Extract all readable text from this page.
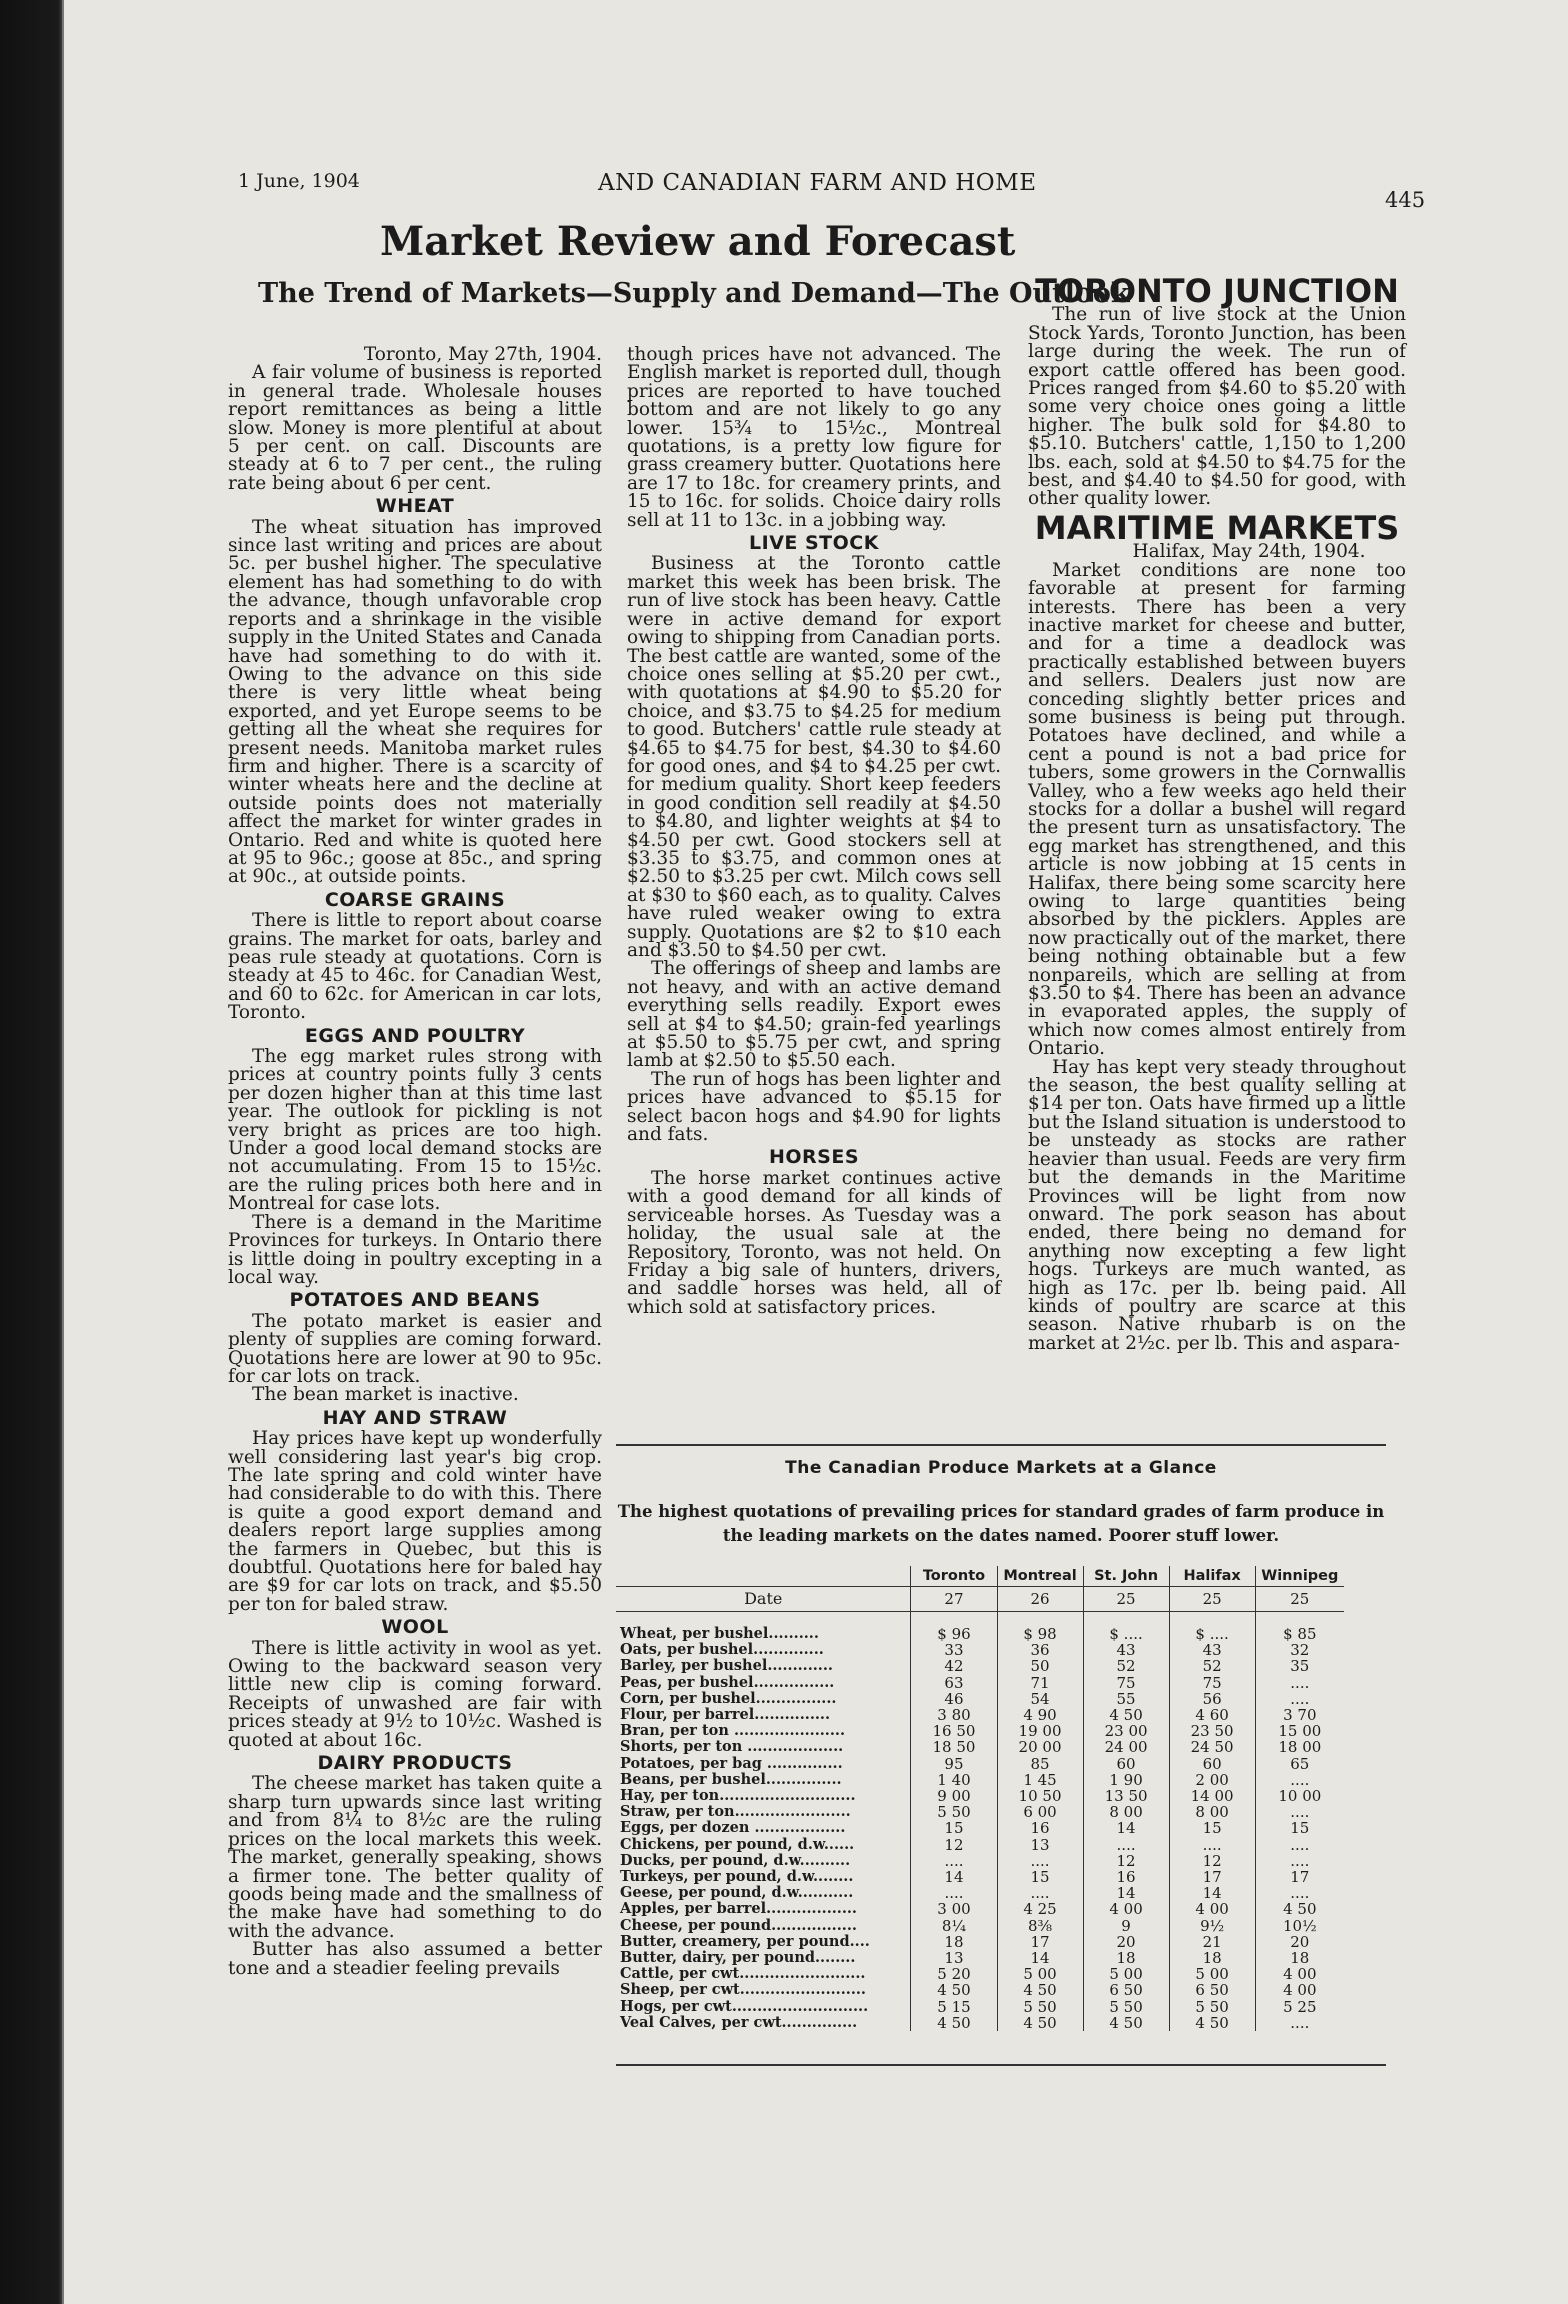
1 June, 1904	AND CANADIAN FARM AND HOME
445
Market Review and Forecast
The Trend of Markets—Supply and Demand—The Outlook

Toronto, May 27th, 1904.

A fair volume of business is reported in general trade. Wholesale houses report remittances as being a little slow. Money is more plentiful at about 5 per cent. on call. Discounts are steady at 6 to 7 per cent., the ruling rate being about 6 per cent.

WHEAT

The wheat situation has improved since last writing and prices are about 5c. per bushel higher. The speculative element has had something to do with the advance, though unfavorable crop reports and a shrinkage in the visible supply in the United States and Canada have had something to do with it. Owing to the advance on this side there is very little wheat being exported, and yet Europe seems to be getting all the wheat she requires for present needs. Manitoba market rules firm and higher. There is a scarcity of winter wheats here and the decline at outside points does not materially affect the market for winter grades in Ontario. Red and white is quoted here at 95 to 96c.; goose at 85c., and spring at 90c., at outside points.

COARSE GRAINS

There is little to report about coarse grains. The market for oats, barley and peas rule steady at quotations. Corn is steady at 45 to 46c. for Canadian West, and 60 to 62c. for American in car lots, Toronto.

EGGS AND POULTRY

The egg market rules strong with prices at country points fully 3 cents per dozen higher than at this time last year. The outlook for pickling is not very bright as prices are too high. Under a good local demand stocks are not accumulating. From 15 to 15½c. are the ruling prices both here and in Montreal for case lots.

There is a demand in the Maritime Provinces for turkeys. In Ontario there is little doing in poultry excepting in a local way.

POTATOES AND BEANS

The potato market is easier and plenty of supplies are coming forward. Quotations here are lower at 90 to 95c. for car lots on track.

The bean market is inactive.

HAY AND STRAW

Hay prices have kept up wonderfully well considering last year's big crop. The late spring and cold winter have had considerable to do with this. There is quite a good export demand and dealers report large supplies among the farmers in Quebec, but this is doubtful. Quotations here for baled hay are $9 for car lots on track, and $5.50 per ton for baled straw.

WOOL

There is little activity in wool as yet. Owing to the backward season very little new clip is coming forward. Receipts of unwashed are fair with prices steady at 9½ to 10½c. Washed is quoted at about 16c.

DAIRY PRODUCTS

The cheese market has taken quite a sharp turn upwards since last writing and from 8¼ to 8½c are the ruling prices on the local markets this week. The market, generally speaking, shows a firmer tone. The better quality of goods being made and the smallness of the make have had something to do with the advance.

Butter has also assumed a better tone and a steadier feeling prevails

though prices have not advanced. The English market is reported dull, though prices are reported to have touched bottom and are not likely to go any lower. 15¾ to 15½c., Montreal quotations, is a pretty low figure for grass creamery butter. Quotations here are 17 to 18c. for creamery prints, and 15 to 16c. for solids. Choice dairy rolls sell at 11 to 13c. in a jobbing way.

LIVE STOCK

Business at the Toronto cattle market this week has been brisk. The run of live stock has been heavy. Cattle were in active demand for export owing to shipping from Canadian ports. The best cattle are wanted, some of the choice ones selling at $5.20 per cwt., with quotations at $4.90 to $5.20 for choice, and $3.75 to $4.25 for medium to good. Butchers' cattle rule steady at $4.65 to $4.75 for best, $4.30 to $4.60 for good ones, and $4 to $4.25 per cwt. for medium quality. Short keep feeders in good condition sell readily at $4.50 to $4.80, and lighter weights at $4 to $4.50 per cwt. Good stockers sell at $3.35 to $3.75, and common ones at $2.50 to $3.25 per cwt. Milch cows sell at $30 to $60 each, as to quality. Calves have ruled weaker owing to extra supply. Quotations are $2 to $10 each and $3.50 to $4.50 per cwt.

The offerings of sheep and lambs are not heavy, and with an active demand everything sells readily. Export ewes sell at $4 to $4.50; grain-fed yearlings at $5.50 to $5.75 per cwt, and spring lamb at $2.50 to $5.50 each.

The run of hogs has been lighter and prices have advanced to $5.15 for select bacon hogs and $4.90 for lights and fats.

HORSES

The horse market continues active with a good demand for all kinds of serviceable horses. As Tuesday was a holiday, the usual sale at the Repository, Toronto, was not held. On Friday a big sale of hunters, drivers, and saddle horses was held, all of which sold at satisfactory prices.

TORONTO JUNCTION

The run of live stock at the Union Stock Yards, Toronto Junction, has been large during the week. The run of export cattle offered has been good. Prices ranged from $4.60 to $5.20 with some very choice ones going a little higher. The bulk sold for $4.80 to $5.10. Butchers' cattle, 1,150 to 1,200 lbs. each, sold at $4.50 to $4.75 for the best, and $4.40 to $4.50 for good, with other quality lower.

MARITIME MARKETS

Halifax, May 24th, 1904.

Market conditions are none too favorable at present for farming interests. There has been a very inactive market for cheese and butter, and for a time a deadlock was practically established between buyers and sellers. Dealers just now are conceding slightly better prices and some business is being put through. Potatoes have declined, and while a cent a pound is not a bad price for tubers, some growers in the Cornwallis Valley, who a few weeks ago held their stocks for a dollar a bushel will regard the present turn as unsatisfactory. The egg market has strengthened, and this article is now jobbing at 15 cents in Halifax, there being some scarcity here owing to large quantities being absorbed by the picklers. Apples are now practically out of the market, there being nothing obtainable but a few nonpareils, which are selling at from $3.50 to $4. There has been an advance in evaporated apples, the supply of which now comes almost entirely from Ontario.

Hay has kept very steady throughout the season, the best quality selling at $14 per ton. Oats have firmed up a little but the Island situation is understood to be unsteady as stocks are rather heavier than usual. Feeds are very firm but the demands in the Maritime Provinces will be light from now onward. The pork season has about ended, there being no demand for anything now excepting a few light hogs. Turkeys are much wanted, as high as 17c. per lb. being paid. All kinds of poultry are scarce at this season. Native rhubarb is on the market at 2½c. per lb. This and aspara-

The Canadian Produce Markets at a Glance
The highest quotations of prevailing prices for standard grades of farm produce in the leading markets on the dates named. Poorer stuff lower.
	Toronto	Montreal	St. John	Halifax	Winnipeg
Date	27	26	25	25	25

Wheat, per bushel..........	$ 96	$ 98	$ ....	$ ....	$ 85
Oats, per bushel..............	33	36	43	43	32
Barley, per bushel.............	42	50	52	52	35
Peas, per bushel................	63	71	75	75	....
Corn, per bushel................	46	54	55	56	....
Flour, per barrel...............	3 80	4 90	4 50	4 60	3 70
Bran, per ton ......................	16 50	19 00	23 00	23 50	15 00
Shorts, per ton ...................	18 50	20 00	24 00	24 50	18 00
Potatoes, per bag ...............	95	85	60	60	65
Beans, per bushel...............	1 40	1 45	1 90	2 00	....
Hay, per ton...........................	9 00	10 50	13 50	14 00	10 00
Straw, per ton.......................	5 50	6 00	8 00	8 00	....
Eggs, per dozen ..................	15	16	14	15	15
Chickens, per pound, d.w......	12	13	....	....	....
Ducks, per pound, d.w..........	....	....	12	12	....
Turkeys, per pound, d.w........	14	15	16	17	17
Geese, per pound, d.w...........	....	....	14	14	....
Apples, per barrel..................	3 00	4 25	4 00	4 00	4 50
Cheese, per pound.................	8¼	8⅜	9	9½	10½
Butter, creamery, per pound....	18	17	20	21	20
Butter, dairy, per pound........	13	14	18	18	18
Cattle, per cwt.........................	5 20	5 00	5 00	5 00	4 00
Sheep, per cwt.........................	4 50	4 50	6 50	6 50	4 00
Hogs, per cwt...........................	5 15	5 50	5 50	5 50	5 25
Veal Calves, per cwt...............	4 50	4 50	4 50	4 50	....
